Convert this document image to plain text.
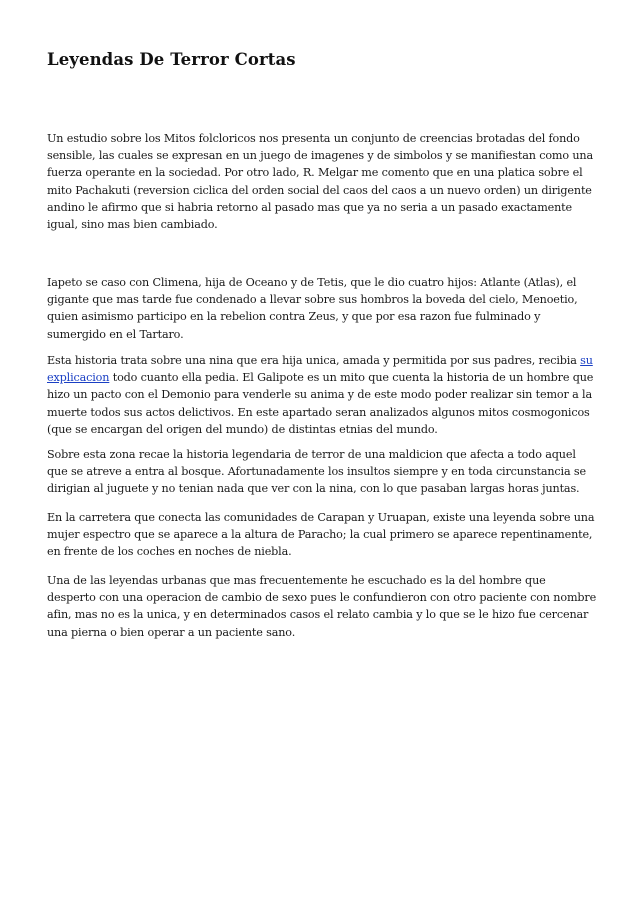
Leyendas De Terror Cortas

Un estudio sobre los Mitos folcloricos nos presenta un conjunto de creencias brotadas del fondo sensible, las cuales se expresan en un juego de imagenes y de simbolos y se manifiestan como una fuerza operante en la sociedad. Por otro lado, R. Melgar me comento que en una platica sobre el mito Pachakuti (reversion ciclica del orden social del caos del caos a un nuevo orden) un dirigente andino le afirmo que si habria retorno al pasado mas que ya no seria a un pasado exactamente igual, sino mas bien cambiado.

Iapeto se caso con Climena, hija de Oceano y de Tetis, que le dio cuatro hijos: Atlante (Atlas), el gigante que mas tarde fue condenado a llevar sobre sus hombros la boveda del cielo, Menoetio, quien asimismo participo en la rebelion contra Zeus, y que por esa razon fue fulminado y sumergido en el Tartaro.

Esta historia trata sobre una nina que era hija unica, amada y permitida por sus padres, recibia su explicacion todo cuanto ella pedia. El Galipote es un mito que cuenta la historia de un hombre que hizo un pacto con el Demonio para venderle su anima y de este modo poder realizar sin temor a la muerte todos sus actos delictivos. En este apartado seran analizados algunos mitos cosmogonicos (que se encargan del origen del mundo) de distintas etnias del mundo.

Sobre esta zona recae la historia legendaria de terror de una maldicion que afecta a todo aquel que se atreve a entra al bosque. Afortunadamente los insultos siempre y en toda circunstancia se dirigian al juguete y no tenian nada que ver con la nina, con lo que pasaban largas horas juntas.

En la carretera que conecta las comunidades de Carapan y Uruapan, existe una leyenda sobre una mujer espectro que se aparece a la altura de Paracho; la cual primero se aparece repentinamente, en frente de los coches en noches de niebla.

Una de las leyendas urbanas que mas frecuentemente he escuchado es la del hombre que desperto con una operacion de cambio de sexo pues le confundieron con otro paciente con nombre afin, mas no es la unica, y en determinados casos el relato cambia y lo que se le hizo fue cercenar una pierna o bien operar a un paciente sano.
